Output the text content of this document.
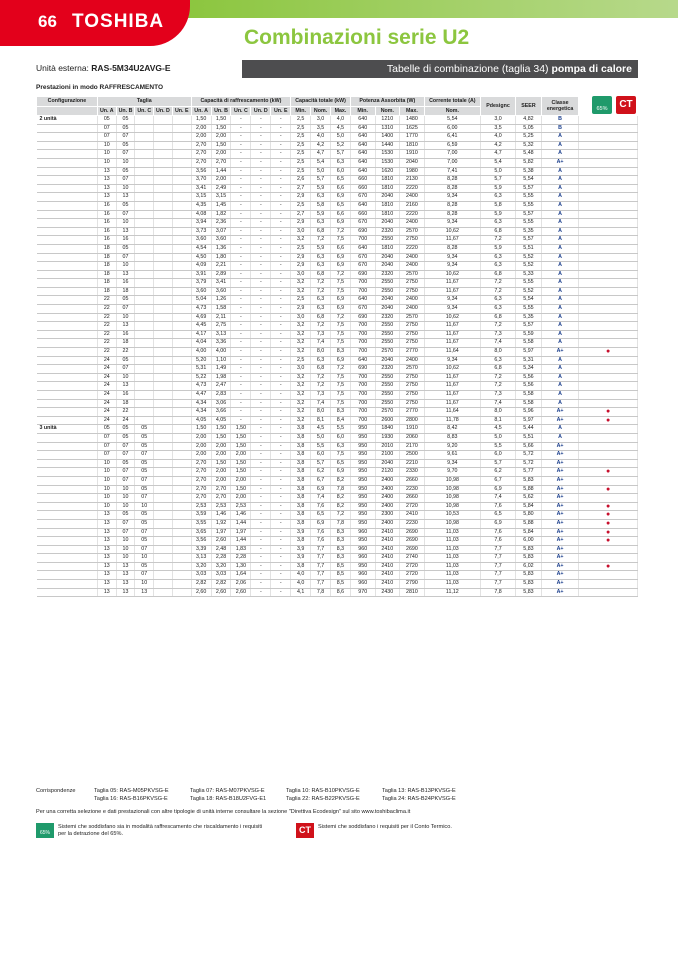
66 TOSHIBA
Combinazioni serie U2
Unità esterna: RAS-5M34U2AVG-E	Tabelle di combinazione (taglia 34) pompa di calore
Prestazioni in modo RAFFRESCAMENTO
Configurazione	Taglia					Capacità di raffrescamento (kW)					Capacità totale (kW)			Potenza Assorbita (W)			Corrente totale (A)	Pdesignc	SEER	Classe energetica	
	Un. A	Un. B	Un. C	Un. D	Un. E	Un. A	Un. B	Un. C	Un. D	Un. E	Min.	Nom.	Max.	Min.	Nom.	Max.	Nom.				
2 unità	05	05				1,50	1,50	-	-	-	2,5	3,0	4,0	640	1210	1480	5,54	3,0	4,82	B	
	07	05				2,00	1,50	-	-	-	2,5	3,5	4,5	640	1310	1625	6,00	3,5	5,05	B	
	07	07				2,00	2,00	-	-	-	2,5	4,0	5,0	640	1400	1770	6,41	4,0	5,25	A	
	10	05				2,70	1,50	-	-	-	2,5	4,2	5,2	640	1440	1810	6,59	4,2	5,32	A	
	10	07				2,70	2,00	-	-	-	2,5	4,7	5,7	640	1530	1910	7,00	4,7	5,48	A	
	10	10				2,70	2,70	-	-	-	2,5	5,4	6,3	640	1530	2040	7,00	5,4	5,82	A+	
	13	05				3,56	1,44	-	-	-	2,5	5,0	6,0	640	1620	1980	7,41	5,0	5,38	A	
	13	07				3,70	2,00	-	-	-	2,6	5,7	6,5	660	1810	2130	8,28	5,7	5,54	A	
	13	10				3,41	2,49	-	-	-	2,7	5,9	6,6	660	1810	2220	8,28	5,9	5,57	A	
	13	13				3,15	3,15	-	-	-	2,9	6,3	6,9	670	2040	2400	9,34	6,3	5,55	A	
	16	05				4,35	1,45	-	-	-	2,5	5,8	6,5	640	1810	2160	8,28	5,8	5,55	A	
	16	07				4,08	1,82	-	-	-	2,7	5,9	6,6	660	1810	2220	8,28	5,9	5,57	A	
	16	10				3,94	2,36	-	-	-	2,9	6,3	6,9	670	2040	2400	9,34	6,3	5,55	A	
	16	13				3,73	3,07	-	-	-	3,0	6,8	7,2	690	2320	2570	10,62	6,8	5,35	A	
	16	16				3,60	3,60	-	-	-	3,2	7,2	7,5	700	2550	2750	11,67	7,2	5,57	A	
	18	05				4,54	1,36	-	-	-	2,5	5,9	6,6	640	1810	2220	8,28	5,9	5,51	A	
	18	07				4,50	1,80	-	-	-	2,9	6,3	6,9	670	2040	2400	9,34	6,3	5,52	A	
	18	10				4,09	2,21	-	-	-	2,9	6,3	6,9	670	2040	2400	9,34	6,3	5,52	A	
	18	13				3,91	2,89	-	-	-	3,0	6,8	7,2	690	2320	2570	10,62	6,8	5,33	A	
	18	16				3,79	3,41	-	-	-	3,2	7,2	7,5	700	2550	2750	11,67	7,2	5,55	A	
	18	18				3,60	3,60	-	-	-	3,2	7,2	7,5	700	2550	2750	11,67	7,2	5,52	A	
	22	05				5,04	1,26	-	-	-	2,5	6,3	6,9	640	2040	2400	9,34	6,3	5,54	A	
	22	07				4,73	1,58	-	-	-	2,9	6,3	6,9	670	2040	2400	9,34	6,3	5,55	A	
	22	10				4,69	2,11	-	-	-	3,0	6,8	7,2	690	2320	2570	10,62	6,8	5,35	A	
	22	13				4,45	2,75	-	-	-	3,2	7,2	7,5	700	2550	2750	11,67	7,2	5,57	A	
	22	16				4,17	3,13	-	-	-	3,2	7,3	7,5	700	2550	2750	11,67	7,3	5,59	A	
	22	18				4,04	3,36	-	-	-	3,2	7,4	7,5	700	2550	2750	11,67	7,4	5,58	A	
	22	22				4,00	4,00	-	-	-	3,2	8,0	8,3	700	2570	2770	11,64	8,0	5,97	A+	●
	24	05				5,20	1,10	-	-	-	2,5	6,3	6,9	640	2040	2400	9,34	6,3	5,31	A	
	24	07				5,31	1,49	-	-	-	3,0	6,8	7,2	690	2320	2570	10,62	6,8	5,34	A	
	24	10				5,22	1,98	-	-	-	3,2	7,2	7,5	700	2550	2750	11,67	7,2	5,56	A	
	24	13				4,73	2,47	-	-	-	3,2	7,2	7,5	700	2550	2750	11,67	7,2	5,56	A	
	24	16				4,47	2,83	-	-	-	3,2	7,3	7,5	700	2550	2750	11,67	7,3	5,58	A	
	24	18				4,34	3,06	-	-	-	3,2	7,4	7,5	700	2550	2750	11,67	7,4	5,58	A	
	24	22				4,34	3,66	-	-	-	3,2	8,0	8,3	700	2570	2770	11,64	8,0	5,96	A+	●
	24	24				4,05	4,05	-	-	-	3,2	8,1	8,4	700	2600	2800	11,78	8,1	5,97	A+	●
3 unità	05	05	05			1,50	1,50	1,50	-	-	3,8	4,5	5,5	950	1840	1910	8,42	4,5	5,44	A	
	07	05	05			2,00	1,50	1,50	-	-	3,8	5,0	6,0	950	1930	2060	8,83	5,0	5,51	A	
	07	07	05			2,00	2,00	1,50	-	-	3,8	5,5	6,3	950	2010	2170	9,20	5,5	5,66	A+	
	07	07	07			2,00	2,00	2,00	-	-	3,8	6,0	7,5	950	2100	2500	9,61	6,0	5,72	A+	
	10	05	05			2,70	1,50	1,50	-	-	3,8	5,7	6,5	950	2040	2210	9,34	5,7	5,72	A+	
	10	07	05			2,70	2,00	1,50	-	-	3,8	6,2	6,9	950	2120	2330	9,70	6,2	5,77	A+	●
	10	07	07			2,70	2,00	2,00	-	-	3,8	6,7	8,2	950	2400	2660	10,98	6,7	5,83	A+	
	10	10	05			2,70	2,70	1,50	-	-	3,8	6,9	7,8	950	2400	2230	10,98	6,9	5,88	A+	●
	10	10	07			2,70	2,70	2,00	-	-	3,8	7,4	8,2	950	2400	2660	10,98	7,4	5,62	A+	
	10	10	10			2,53	2,53	2,53	-	-	3,8	7,6	8,2	950	2400	2720	10,98	7,6	5,84	A+	●
	13	05	05			3,59	1,46	1,46	-	-	3,8	6,5	7,2	950	2300	2410	10,53	6,5	5,80	A+	●
	13	07	05			3,55	1,92	1,44	-	-	3,8	6,9	7,8	950	2400	2230	10,98	6,9	5,88	A+	●
	13	07	07			3,65	1,97	1,97	-	-	3,9	7,6	8,3	960	2410	2690	11,03	7,6	5,84	A+	●
	13	10	05			3,56	2,60	1,44	-	-	3,8	7,6	8,3	950	2410	2690	11,03	7,6	6,00	A+	●
	13	10	07			3,39	2,48	1,83	-	-	3,9	7,7	8,3	960	2410	2690	11,03	7,7	5,83	A+	
	13	10	10			3,13	2,28	2,28	-	-	3,9	7,7	8,3	960	2410	2740	11,03	7,7	5,83	A+	
	13	13	05			3,20	3,20	1,30	-	-	3,8	7,7	8,5	950	2410	2720	11,03	7,7	6,02	A+	●
	13	13	07			3,03	3,03	1,64	-	-	4,0	7,7	8,5	960	2410	2720	11,03	7,7	5,83	A+	
	13	13	10			2,82	2,82	2,06	-	-	4,0	7,7	8,5	960	2410	2790	11,03	7,7	5,83	A+	
	13	13	13			2,60	2,60	2,60	-	-	4,1	7,8	8,6	970	2430	2810	11,12	7,8	5,83	A+	
65%	CT
Corrispondenze	Taglia 05: RAS-M05PKVSG-E	Taglia 07: RAS-M07PKVSG-E	Taglia 10: RAS-B10PKVSG-E	Taglia 13: RAS-B13PKVSG-E
Taglia 16: RAS-B16PKVSG-E	Taglia 18: RAS-B18U2FVG-E1	Taglia 22: RAS-B22PKVSG-E	Taglia 24: RAS-B24PKVSG-E
Per una corretta selezione e dati prestazionali con altre tipologie di unità interne consultare la sezione "Direttiva Ecodesign" sul sito www.toshibaclima.it
65%
Sistemi che soddisfano sia in modalità raffrescamento che riscaldamento i requisiti per la detrazione del 65%.	CT	Sistemi che soddisfano i requisiti per il Conto Termico.
